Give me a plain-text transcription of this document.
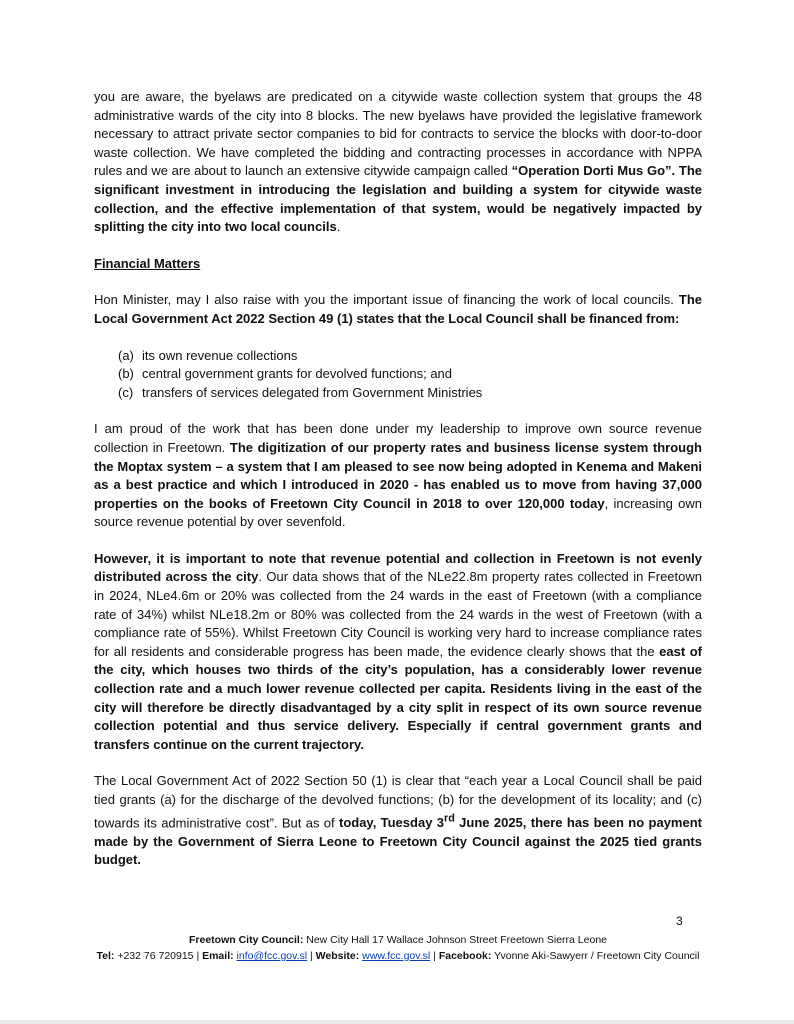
you are aware, the byelaws are predicated on a citywide waste collection system that groups the 48 administrative wards of the city into 8 blocks. The new byelaws have provided the legislative framework necessary to attract private sector companies to bid for contracts to service the blocks with door-to-door waste collection. We have completed the bidding and contracting processes in accordance with NPPA rules and we are about to launch an extensive citywide campaign called “Operation Dorti Mus Go”. The significant investment in introducing the legislation and building a system for citywide waste collection, and the effective implementation of that system, would be negatively impacted by splitting the city into two local councils.

Financial Matters

Hon Minister, may I also raise with you the important issue of financing the work of local councils. The Local Government Act 2022 Section 49 (1) states that the Local Council shall be financed from:

(a) its own revenue collections
(b) central government grants for devolved functions; and
(c) transfers of services delegated from Government Ministries

I am proud of the work that has been done under my leadership to improve own source revenue collection in Freetown. The digitization of our property rates and business license system through the Moptax system – a system that I am pleased to see now being adopted in Kenema and Makeni as a best practice and which I introduced in 2020 - has enabled us to move from having 37,000 properties on the books of Freetown City Council in 2018 to over 120,000 today, increasing own source revenue potential by over sevenfold.

However, it is important to note that revenue potential and collection in Freetown is not evenly distributed across the city. Our data shows that of the NLe22.8m property rates collected in Freetown in 2024, NLe4.6m or 20% was collected from the 24 wards in the east of Freetown (with a compliance rate of 34%) whilst NLe18.2m or 80% was collected from the 24 wards in the west of Freetown (with a compliance rate of 55%). Whilst Freetown City Council is working very hard to increase compliance rates for all residents and considerable progress has been made, the evidence clearly shows that the east of the city, which houses two thirds of the city’s population, has a considerably lower revenue collection rate and a much lower revenue collected per capita. Residents living in the east of the city will therefore be directly disadvantaged by a city split in respect of its own source revenue collection potential and thus service delivery. Especially if central government grants and transfers continue on the current trajectory.

The Local Government Act of 2022 Section 50 (1) is clear that “each year a Local Council shall be paid tied grants (a) for the discharge of the devolved functions; (b) for the development of its locality; and (c) towards its administrative cost”. But as of today, Tuesday 3rd June 2025, there has been no payment made by the Government of Sierra Leone to Freetown City Council against the 2025 tied grants budget.

3
Freetown City Council: New City Hall 17 Wallace Johnson Street Freetown Sierra Leone
Tel: +232 76 720915 | Email: info@fcc.gov.sl | Website: www.fcc.gov.sl | Facebook: Yvonne Aki-Sawyerr / Freetown City Council
